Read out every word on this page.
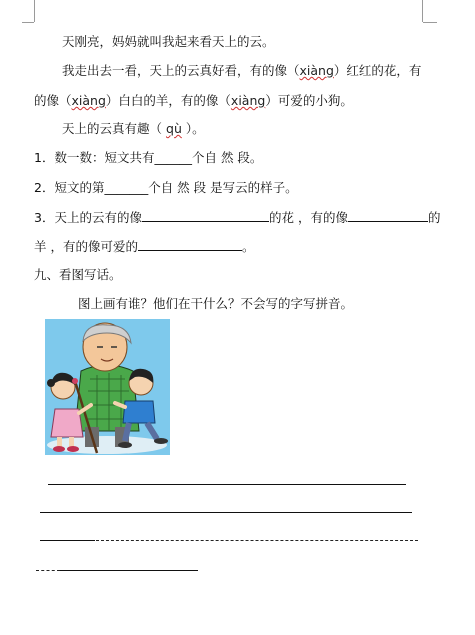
天刚亮，妈妈就叫我起来看天上的云。
我走出去一看，天上的云真好看，有的像（xiàng）红红的花，有
的像（xiàng）白白的羊，有的像（xiàng）可爱的小狗。
天上的云真有趣（ qù ）。
1．数一数：短文共有______个自 然 段。
2．短文的第_______个自 然 段 是写云的样子。
3．天上的云有的像	的花 ，有的像	的
羊 ，有的像可爱的	。
九、看图写话。
图上画有谁？他们在干什么？不会写的字写拼音。
